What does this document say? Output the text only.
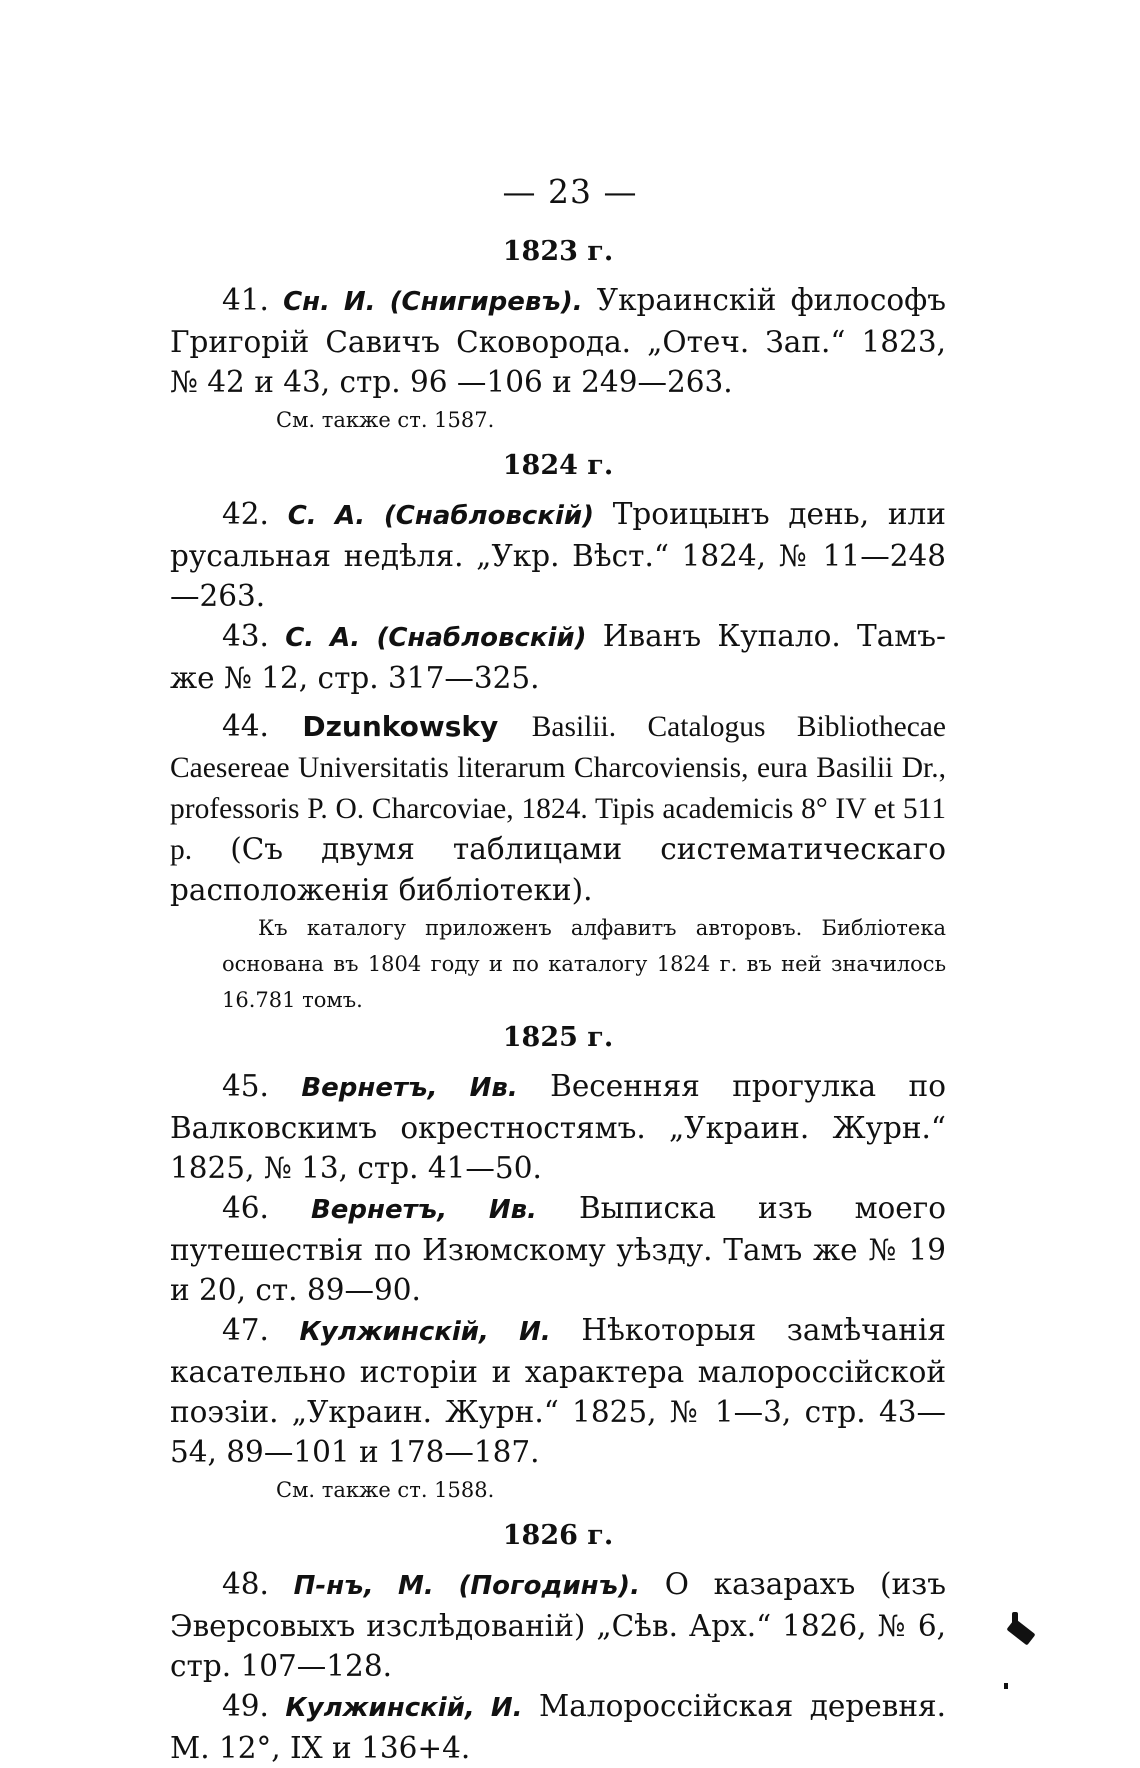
— 23 —
1823 г.
41. Сн. И. (Снигиревъ). Украинскій философъ Григорій Савичъ Сковорода. „Отеч. Зап.“ 1823, № 42 и 43, стр. 96 —106 и 249—263.
См. также ст. 1587.
1824 г.
42. С. А. (Снабловскій) Троицынъ день, или русальная недѣля. „Укр. Вѣст.“ 1824, № 11—248—263.
43. С. А. (Снабловскій) Иванъ Купало. Тамъ-же № 12, стр. 317—325.
44. Dzunkowsky Basilii. Catalogus Bibliothecae Caesereae Universitatis literarum Charcoviensis, eura Basilii Dr., professoris P. O. Charcoviae, 1824. Tipis academicis 8° IV et 511 p. (Съ двумя таблицами систематическаго расположенія библіотеки).
Къ каталогу приложенъ алфавитъ авторовъ. Библіотека основана въ 1804 году и по каталогу 1824 г. въ ней значилось 16.781 томъ.
1825 г.
45. Вернетъ, Ив. Весенняя прогулка по Валковскимъ окрестностямъ. „Украин. Журн.“ 1825, № 13, стр. 41—50.
46. Вернетъ, Ив. Выписка изъ моего путешествія по Изюмскому уѣзду. Тамъ же № 19 и 20, ст. 89—90.
47. Кулжинскій, И. Нѣкоторыя замѣчанія касательно исторіи и характера малороссійской поэзіи. „Украин. Журн.“ 1825, № 1—3, стр. 43—54, 89—101 и 178—187.
См. также ст. 1588.
1826 г.
48. П-нъ, М. (Погодинъ). О казарахъ (изъ Эверсовыхъ изслѣдованій) „Сѣв. Арх.“ 1826, № 6, стр. 107—128.
49. Кулжинскій, И. Малороссійская деревня. М. 12°, IX и 136+4.
